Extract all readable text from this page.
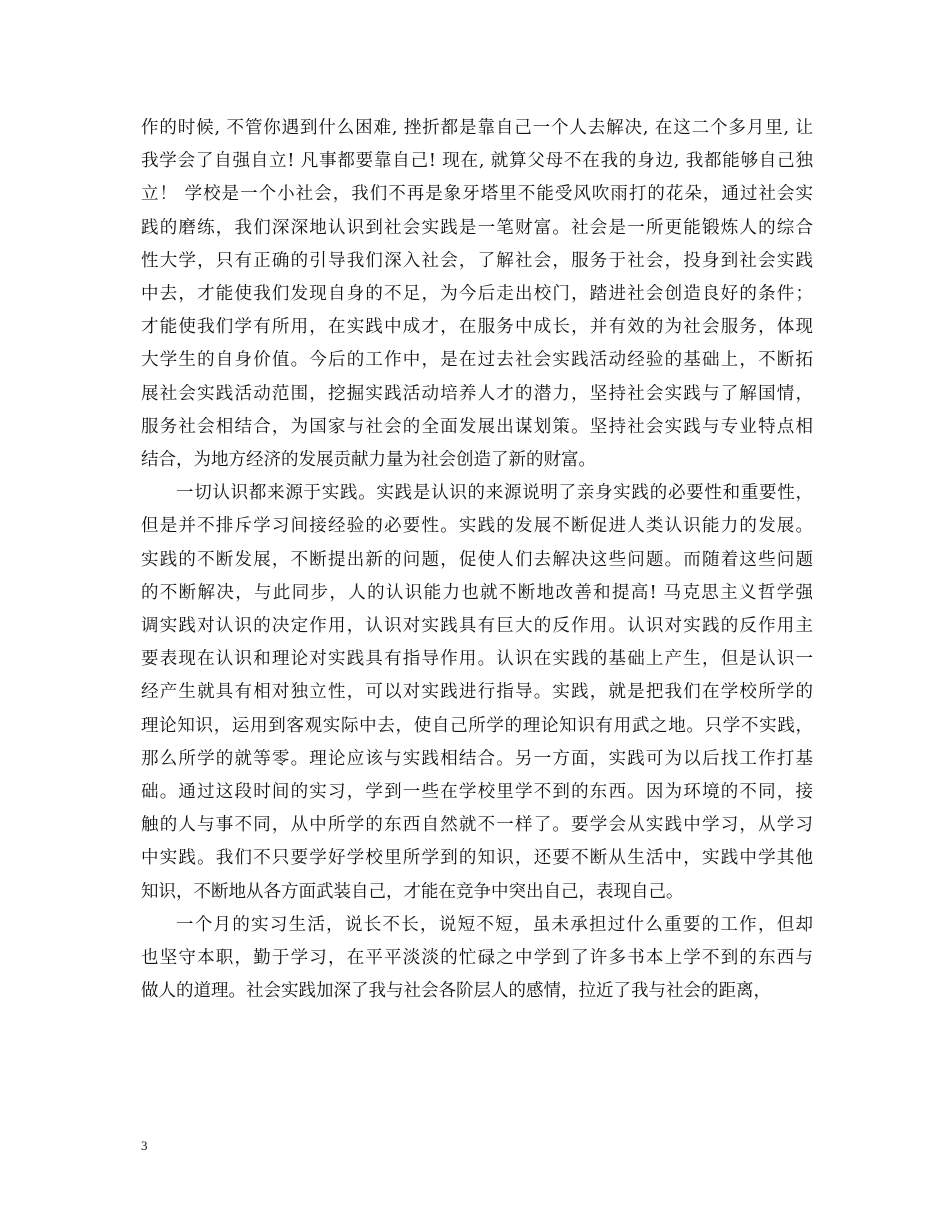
作的时候, 不管你遇到什么困难, 挫折都是靠自己一个人去解决, 在这二个多月里, 让
我学会了自强自立! 凡事都要靠自己! 现在, 就算父母不在我的身边, 我都能够自己独
立！ 学校是一个小社会，我们不再是象牙塔里不能受风吹雨打的花朵，通过社会实
践的磨练，我们深深地认识到社会实践是一笔财富。社会是一所更能锻炼人的综合
性大学，只有正确的引导我们深入社会，了解社会，服务于社会，投身到社会实践
中去，才能使我们发现自身的不足，为今后走出校门，踏进社会创造良好的条件；
才能使我们学有所用，在实践中成才，在服务中成长，并有效的为社会服务，体现
大学生的自身价值。今后的工作中，是在过去社会实践活动经验的基础上，不断拓
展社会实践活动范围，挖掘实践活动培养人才的潜力，坚持社会实践与了解国情，
服务社会相结合，为国家与社会的全面发展出谋划策。坚持社会实践与专业特点相
结合，为地方经济的发展贡献力量为社会创造了新的财富。
一切认识都来源于实践。实践是认识的来源说明了亲身实践的必要性和重要性，
但是并不排斥学习间接经验的必要性。实践的发展不断促进人类认识能力的发展。
实践的不断发展，不断提出新的问题，促使人们去解决这些问题。而随着这些问题
的不断解决，与此同步，人的认识能力也就不断地改善和提高! 马克思主义哲学强
调实践对认识的决定作用，认识对实践具有巨大的反作用。认识对实践的反作用主
要表现在认识和理论对实践具有指导作用。认识在实践的基础上产生，但是认识一
经产生就具有相对独立性，可以对实践进行指导。实践，就是把我们在学校所学的
理论知识，运用到客观实际中去，使自己所学的理论知识有用武之地。只学不实践，
那么所学的就等零。理论应该与实践相结合。另一方面，实践可为以后找工作打基
础。通过这段时间的实习，学到一些在学校里学不到的东西。因为环境的不同，接
触的人与事不同，从中所学的东西自然就不一样了。要学会从实践中学习，从学习
中实践。我们不只要学好学校里所学到的知识，还要不断从生活中，实践中学其他
知识，不断地从各方面武装自己，才能在竞争中突出自己，表现自己。
一个月的实习生活，说长不长，说短不短，虽未承担过什么重要的工作，但却
也坚守本职，勤于学习，在平平淡淡的忙碌之中学到了许多书本上学不到的东西与
做人的道理。社会实践加深了我与社会各阶层人的感情，拉近了我与社会的距离，
3
